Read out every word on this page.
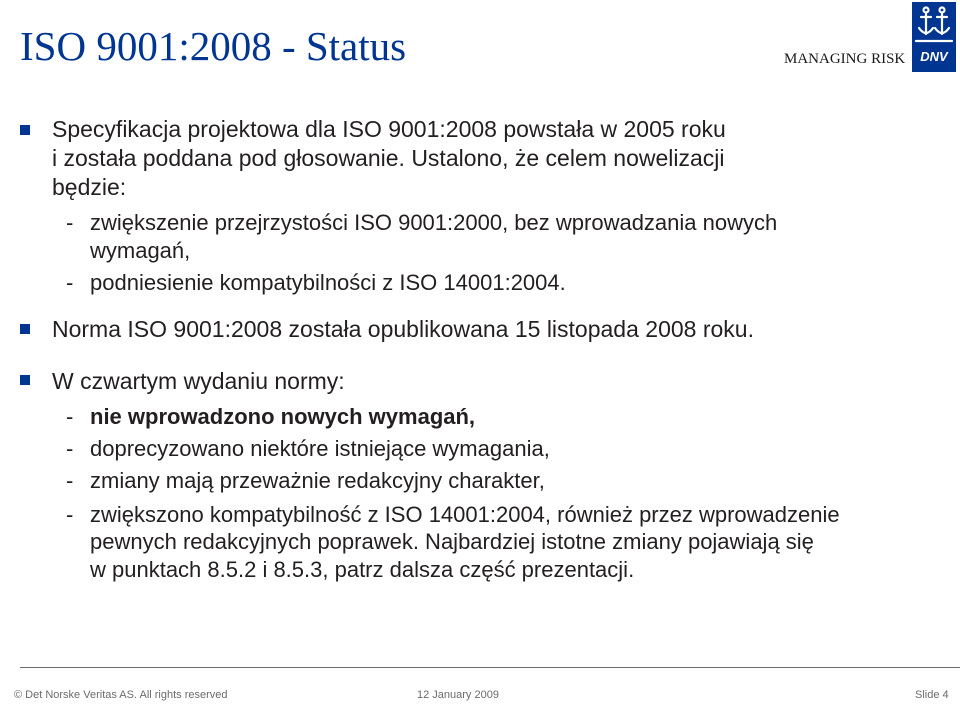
ISO 9001:2008 - Status	MANAGING RISK	DNV
Specyfikacja projektowa dla ISO 9001:2008 powstała w 2005 roku
i została poddana pod głosowanie. Ustalono, że celem nowelizacji
będzie:
- zwiększenie przejrzystości ISO 9001:2000, bez wprowadzania nowych
wymagań,
- podniesienie kompatybilności z ISO 14001:2004.
Norma ISO 9001:2008 została opublikowana 15 listopada 2008 roku.
W czwartym wydaniu normy:
- nie wprowadzono nowych wymagań,
- doprecyzowano niektóre istniejące wymagania,
- zmiany mają przeważnie redakcyjny charakter,
- zwiększono kompatybilność z ISO 14001:2004, również przez wprowadzenie
pewnych redakcyjnych poprawek. Najbardziej istotne zmiany pojawiają się
w punktach 8.5.2 i 8.5.3, patrz dalsza część prezentacji.
© Det Norske Veritas AS. All rights reserved	12 January 2009	Slide 4
